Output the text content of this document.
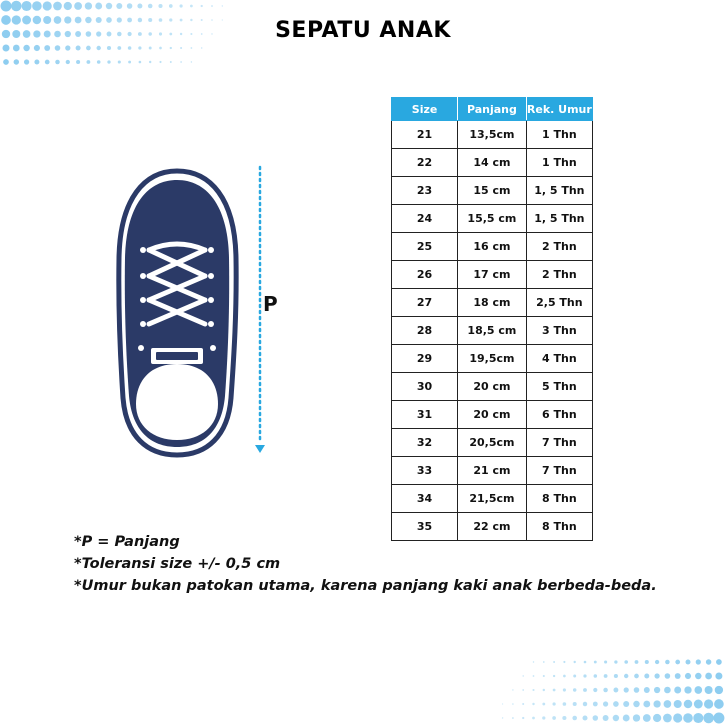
SEPATU ANAK
P
Size	Panjang	Rek. Umur
21	13,5cm	1 Thn
22	14 cm	1 Thn
23	15 cm	1, 5 Thn
24	15,5 cm	1, 5 Thn
25	16 cm	2 Thn
26	17 cm	2 Thn
27	18 cm	2,5 Thn
28	18,5 cm	3 Thn
29	19,5cm	4 Thn
30	20 cm	5 Thn
31	20 cm	6 Thn
32	20,5cm	7 Thn
33	21 cm	7 Thn
34	21,5cm	8 Thn
35	22 cm	8 Thn
*P = Panjang
*Toleransi size +/- 0,5 cm
*Umur bukan patokan utama, karena panjang kaki anak berbeda-beda.
